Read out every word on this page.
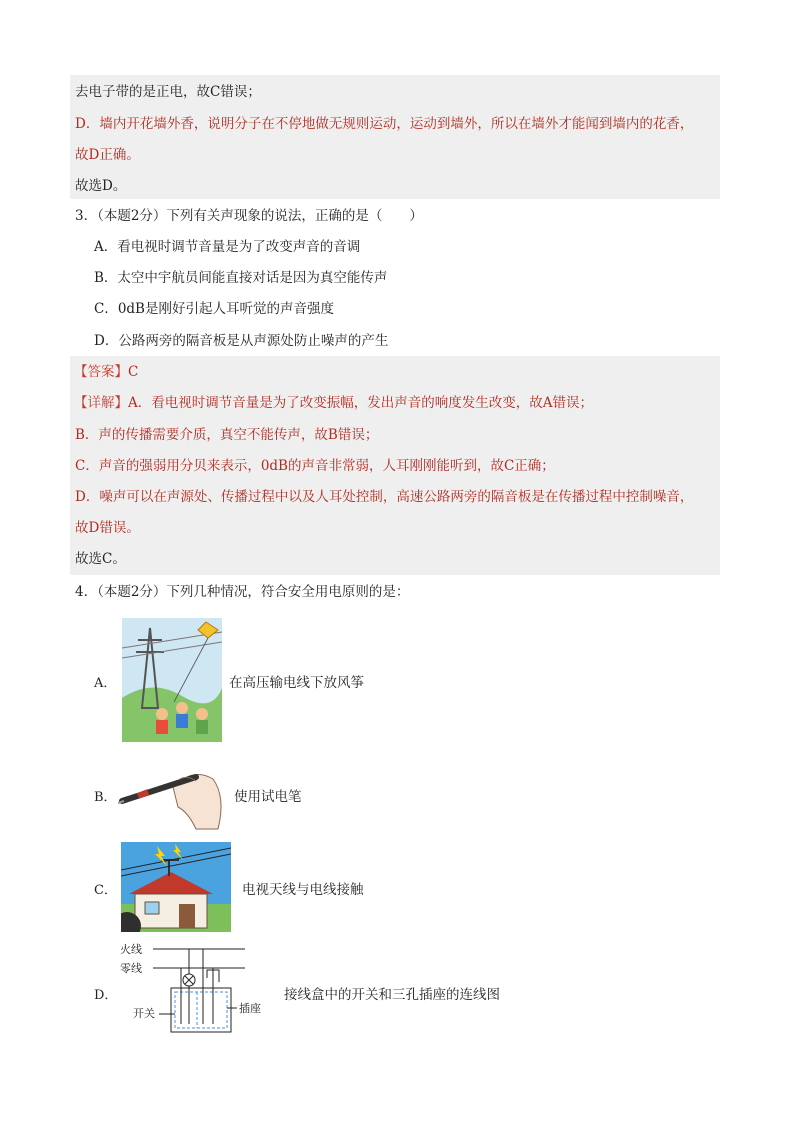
去电子带的是正电，故C错误；
D．墙内开花墙外香，说明分子在不停地做无规则运动，运动到墙外，所以在墙外才能闻到墙内的花香，
故D正确。
故选D。
3．（本题2分）下列有关声现象的说法，正确的是（　　）
A．看电视时调节音量是为了改变声音的音调
B．太空中宇航员间能直接对话是因为真空能传声
C．0dB是刚好引起人耳听觉的声音强度
D．公路两旁的隔音板是从声源处防止噪声的产生
【答案】C
【详解】A．看电视时调节音量是为了改变振幅，发出声音的响度发生改变，故A错误；
B．声的传播需要介质，真空不能传声，故B错误；
C．声音的强弱用分贝来表示，0dB的声音非常弱，人耳刚刚能听到，故C正确；
D．噪声可以在声源处、传播过程中以及人耳处控制，高速公路两旁的隔音板是在传播过程中控制噪音，
故D错误。
故选C。
4．（本题2分）下列几种情况，符合安全用电原则的是：
A．	在高压输电线下放风筝
B．	使用试电笔
C．	电视天线与电线接触
D．
火线
零线
开关	插座
接线盒中的开关和三孔插座的连线图
